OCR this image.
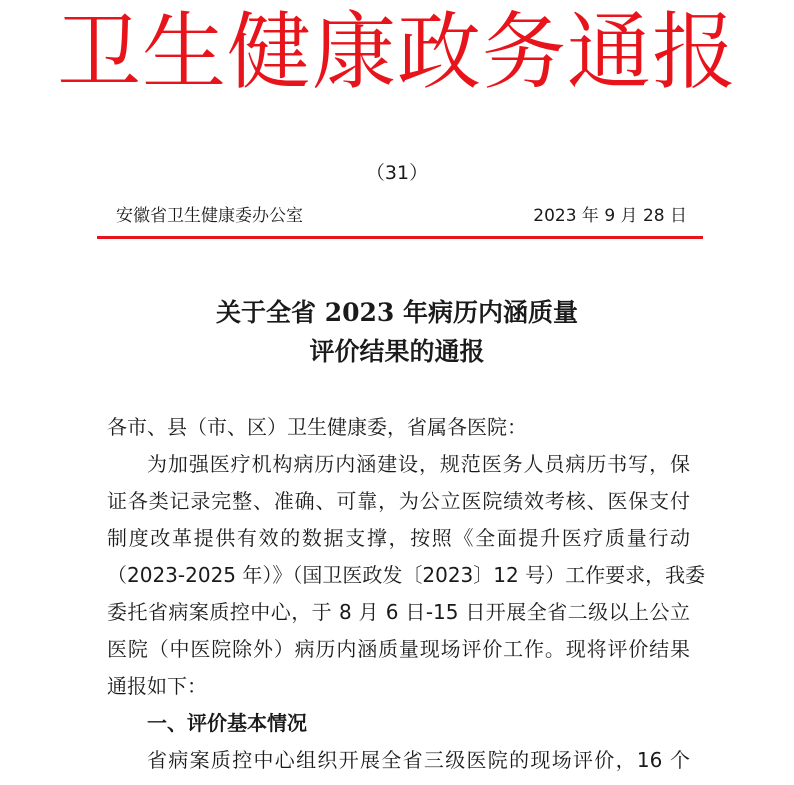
卫生健康政务通报
（31）
安徽省卫生健康委办公室	2023 年 9 月 28 日
关于全省 2023 年病历内涵质量
评价结果的通报
各市、县（市、区）卫生健康委，省属各医院：
为加强医疗机构病历内涵建设，规范医务人员病历书写，保
证各类记录完整、准确、可靠，为公立医院绩效考核、医保支付
制度改革提供有效的数据支撑，按照《全面提升医疗质量行动
（2023-2025 年）》（国卫医政发〔2023〕12 号）工作要求，我委
委托省病案质控中心，于 8 月 6 日-15 日开展全省二级以上公立
医院（中医院除外）病历内涵质量现场评价工作。现将评价结果
通报如下：
一、评价基本情况
省病案质控中心组织开展全省三级医院的现场评价，16 个
